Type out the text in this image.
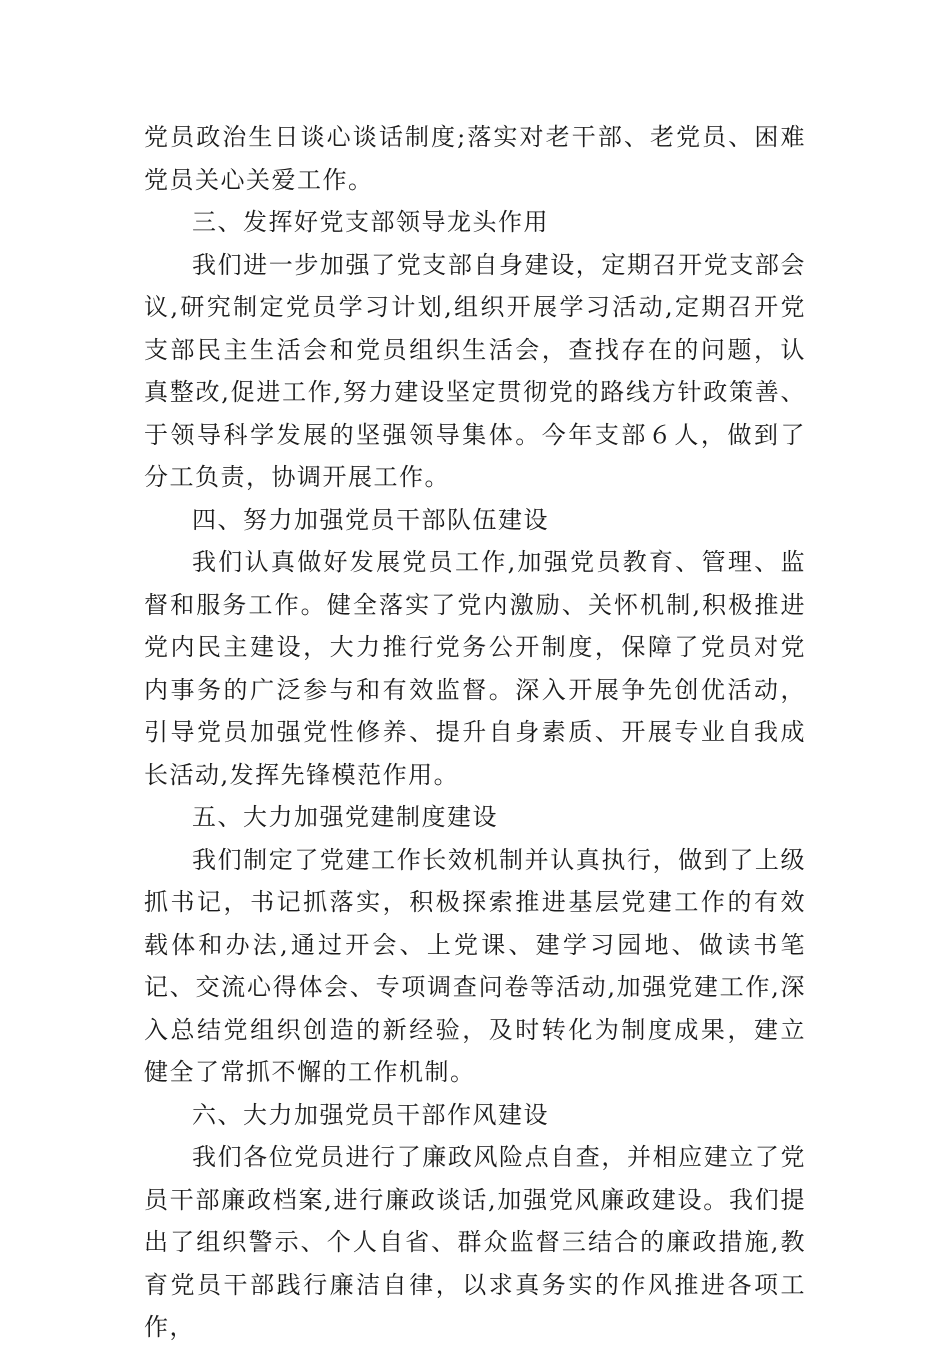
党员政治生日谈心谈话制度;落实对老干部、老党员、困难党员关心关爱工作。

三、发挥好党支部领导龙头作用

我们进一步加强了党支部自身建设，定期召开党支部会议,研究制定党员学习计划,组织开展学习活动,定期召开党支部民主生活会和党员组织生活会，查找存在的问题，认真整改,促进工作,努力建设坚定贯彻党的路线方针政策善、于领导科学发展的坚强领导集体。今年支部６人，做到了分工负责，协调开展工作。

四、努力加强党员干部队伍建设

我们认真做好发展党员工作,加强党员教育、管理、监督和服务工作。健全落实了党内激励、关怀机制,积极推进党内民主建设，大力推行党务公开制度，保障了党员对党内事务的广泛参与和有效监督。深入开展争先创优活动，引导党员加强党性修养、提升自身素质、开展专业自我成长活动,发挥先锋模范作用。

五、大力加强党建制度建设

我们制定了党建工作长效机制并认真执行，做到了上级抓书记，书记抓落实，积极探索推进基层党建工作的有效载体和办法,通过开会、上党课、建学习园地、做读书笔记、交流心得体会、专项调查问卷等活动,加强党建工作,深入总结党组织创造的新经验，及时转化为制度成果，建立健全了常抓不懈的工作机制。

六、大力加强党员干部作风建设

我们各位党员进行了廉政风险点自查，并相应建立了党员干部廉政档案,进行廉政谈话,加强党风廉政建设。我们提出了组织警示、个人自省、群众监督三结合的廉政措施,教育党员干部践行廉洁自律，以求真务实的作风推进各项工作，
